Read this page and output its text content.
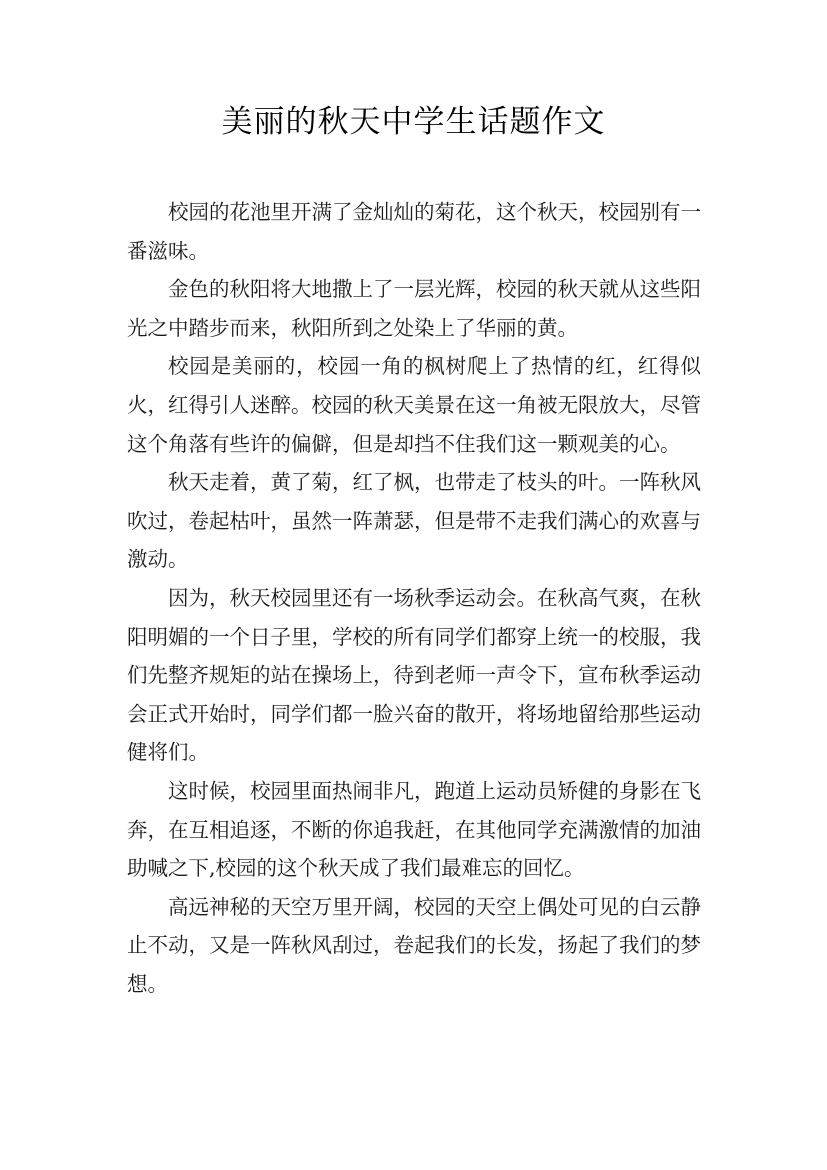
美丽的秋天中学生话题作文

校园的花池里开满了金灿灿的菊花，这个秋天，校园别有一番滋味。

金色的秋阳将大地撒上了一层光辉，校园的秋天就从这些阳光之中踏步而来，秋阳所到之处染上了华丽的黄。

校园是美丽的，校园一角的枫树爬上了热情的红，红得似火，红得引人迷醉。校园的秋天美景在这一角被无限放大，尽管这个角落有些许的偏僻，但是却挡不住我们这一颗观美的心。

秋天走着，黄了菊，红了枫，也带走了枝头的叶。一阵秋风吹过，卷起枯叶，虽然一阵萧瑟，但是带不走我们满心的欢喜与激动。

因为，秋天校园里还有一场秋季运动会。在秋高气爽，在秋阳明媚的一个日子里，学校的所有同学们都穿上统一的校服，我们先整齐规矩的站在操场上，待到老师一声令下，宣布秋季运动会正式开始时，同学们都一脸兴奋的散开，将场地留给那些运动健将们。

这时候，校园里面热闹非凡，跑道上运动员矫健的身影在飞奔，在互相追逐，不断的你追我赶，在其他同学充满激情的加油助喊之下,校园的这个秋天成了我们最难忘的回忆。

高远神秘的天空万里开阔，校园的天空上偶处可见的白云静止不动，又是一阵秋风刮过，卷起我们的长发，扬起了我们的梦想。
